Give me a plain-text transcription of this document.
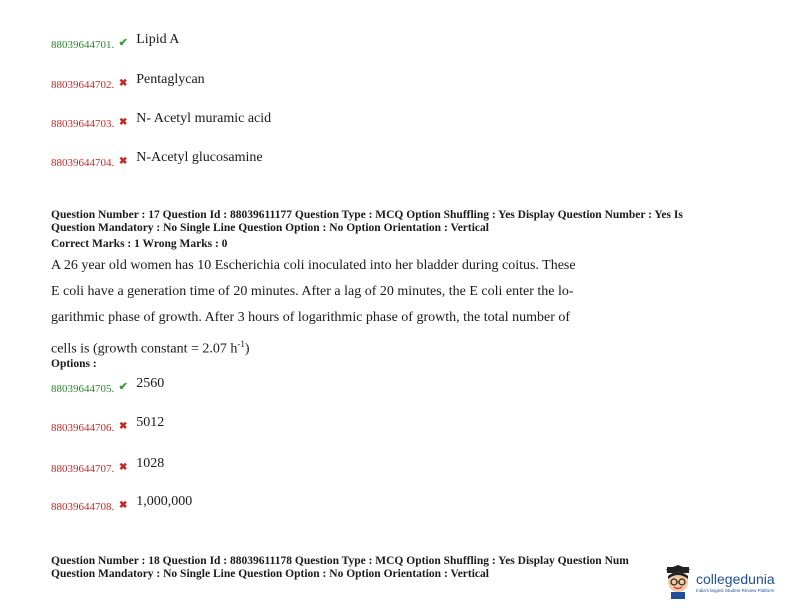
88039644701. ✔ Lipid A
88039644702. ✖ Pentaglycan
88039644703. ✖ N- Acetyl muramic acid
88039644704. ✖ N-Acetyl glucosamine
Question Number : 17 Question Id : 88039611177 Question Type : MCQ Option Shuffling : Yes Display Question Number : Yes Is
Question Mandatory : No Single Line Question Option : No Option Orientation : Vertical
Correct Marks : 1 Wrong Marks : 0
A 26 year old women has 10 Escherichia coli inoculated into her bladder during coitus. These
E coli have a generation time of 20 minutes. After a lag of 20 minutes, the E coli enter the lo-
garithmic phase of growth. After 3 hours of logarithmic phase of growth, the total number of
cells is (growth constant = 2.07 $h^{-1}$)
Options :
88039644705. ✔ 2560
88039644706. ✖ 5012
88039644707. ✖ 1028
88039644708. ✖ 1,000,000
Question Number : 18 Question Id : 88039611178 Question Type : MCQ Option Shuffling : Yes Display Question Num
Question Mandatory : No Single Line Question Option : No Option Orientation : Vertical	collegedunia
India's largest Student Review Platform
